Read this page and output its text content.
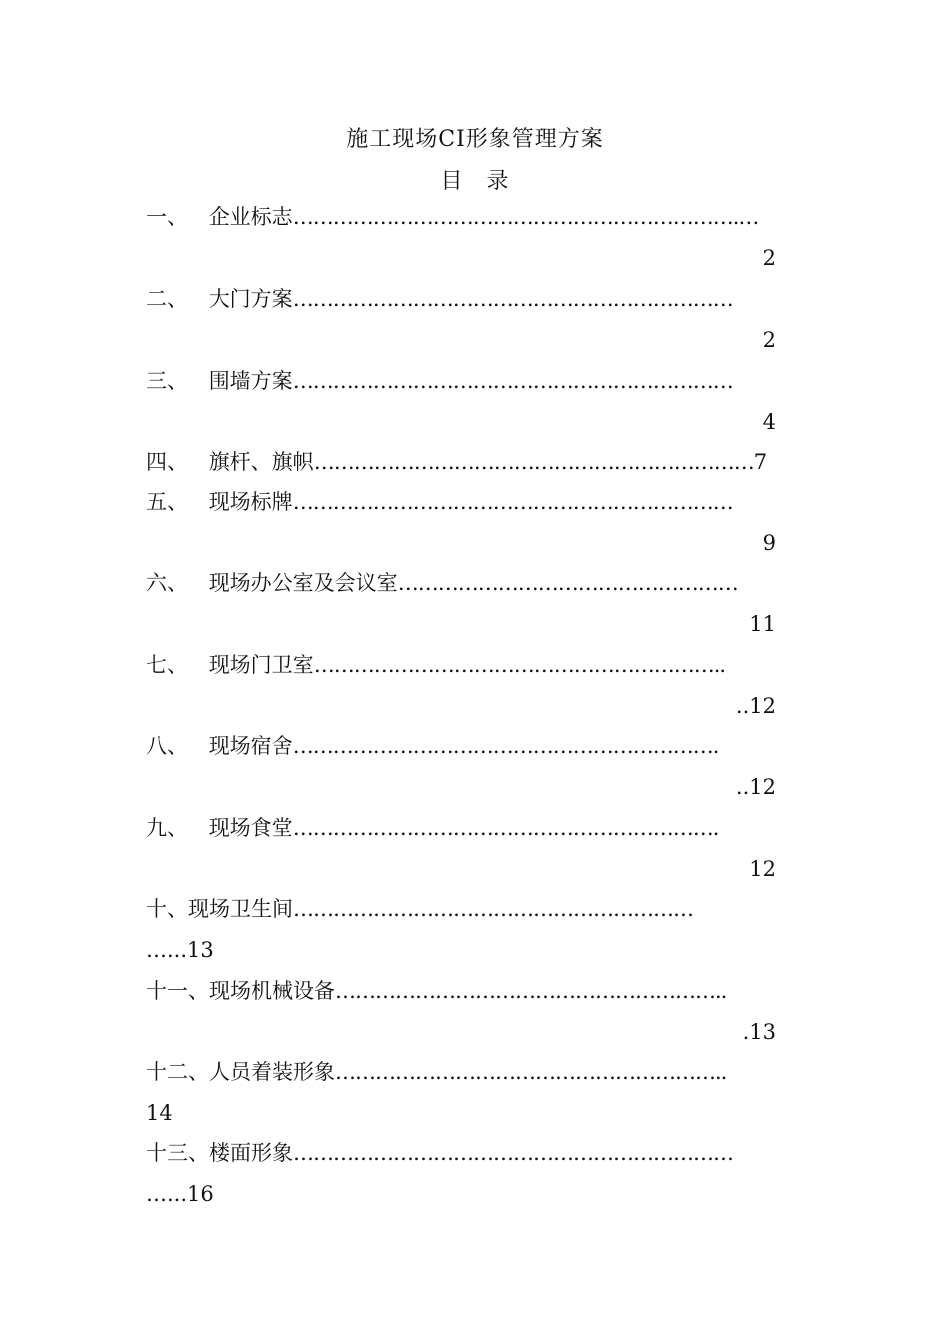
施工现场CI形象管理方案
目　录
一、 企业标志………………………………………………………….…
2
二、 大门方案…………………………………………………………
2
三、 围墙方案…………………………………………………………
4
四、 旗杆、旗帜…………………………………………………………7
五、 现场标牌…………………………………………………………
9
六、 现场办公室及会议室……………………………………………
11
七、 现场门卫室……………………………………………………..
..12
八、 现场宿舍……………………………………………………….
..12
九、 现场食堂……………………………………………………….
12
十、现场卫生间……………………………………………………
…...13
十一、现场机械设备…………………………………………………..
.13
十二、人员着装形象…………………………………………………..
14
十三、楼面形象…………………………………………………………
…...16
